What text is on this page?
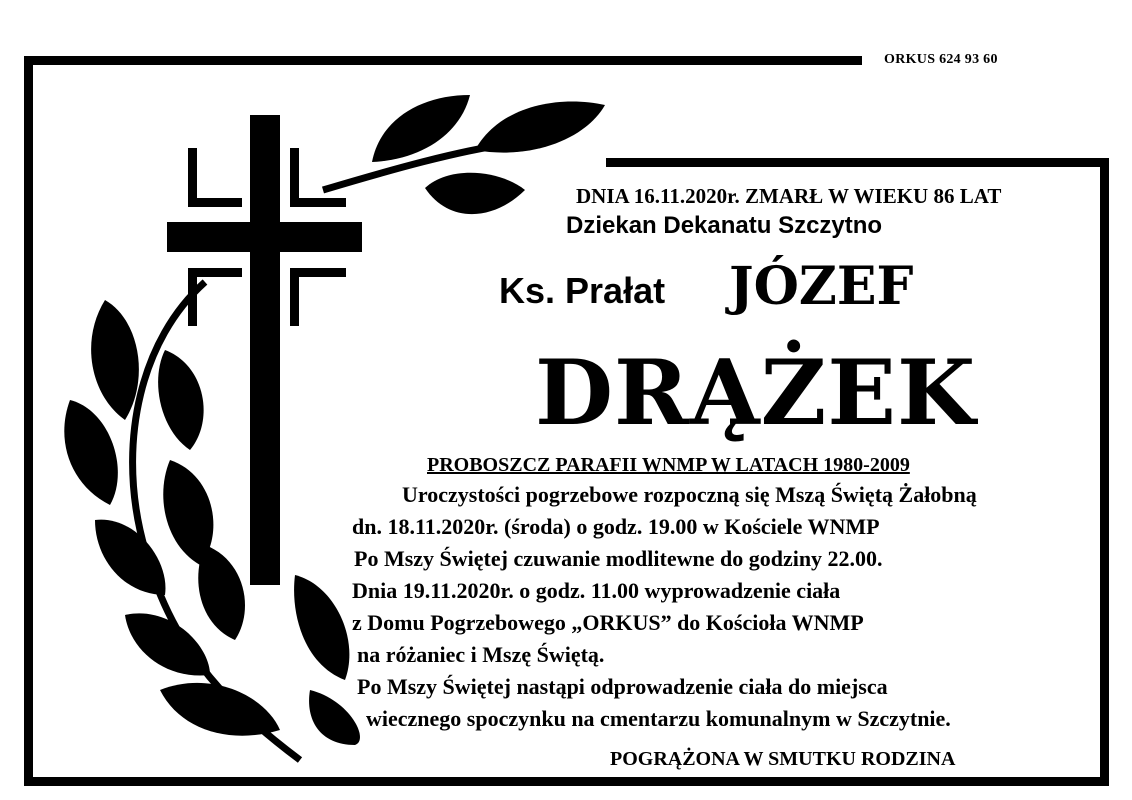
ORKUS 624 93 60
DNIA 16.11.2020r. ZMARŁ W WIEKU 86 LAT
Dziekan Dekanatu Szczytno
Ks. Prałat JÓZEF
DRĄŻEK
PROBOSZCZ PARAFII WNMP W LATACH 1980-2009
Uroczystości pogrzebowe rozpoczną się Mszą Świętą Żałobną
dn. 18.11.2020r. (środa) o godz. 19.00 w Kościele WNMP
Po Mszy Świętej czuwanie modlitewne do godziny 22.00.
Dnia 19.11.2020r. o godz. 11.00 wyprowadzenie ciała
z Domu Pogrzebowego „ORKUS” do Kościoła WNMP
na różaniec i Mszę Świętą.
Po Mszy Świętej nastąpi odprowadzenie ciała do miejsca
wiecznego spoczynku na cmentarzu komunalnym w Szczytnie.
POGRĄŻONA W SMUTKU RODZINA
